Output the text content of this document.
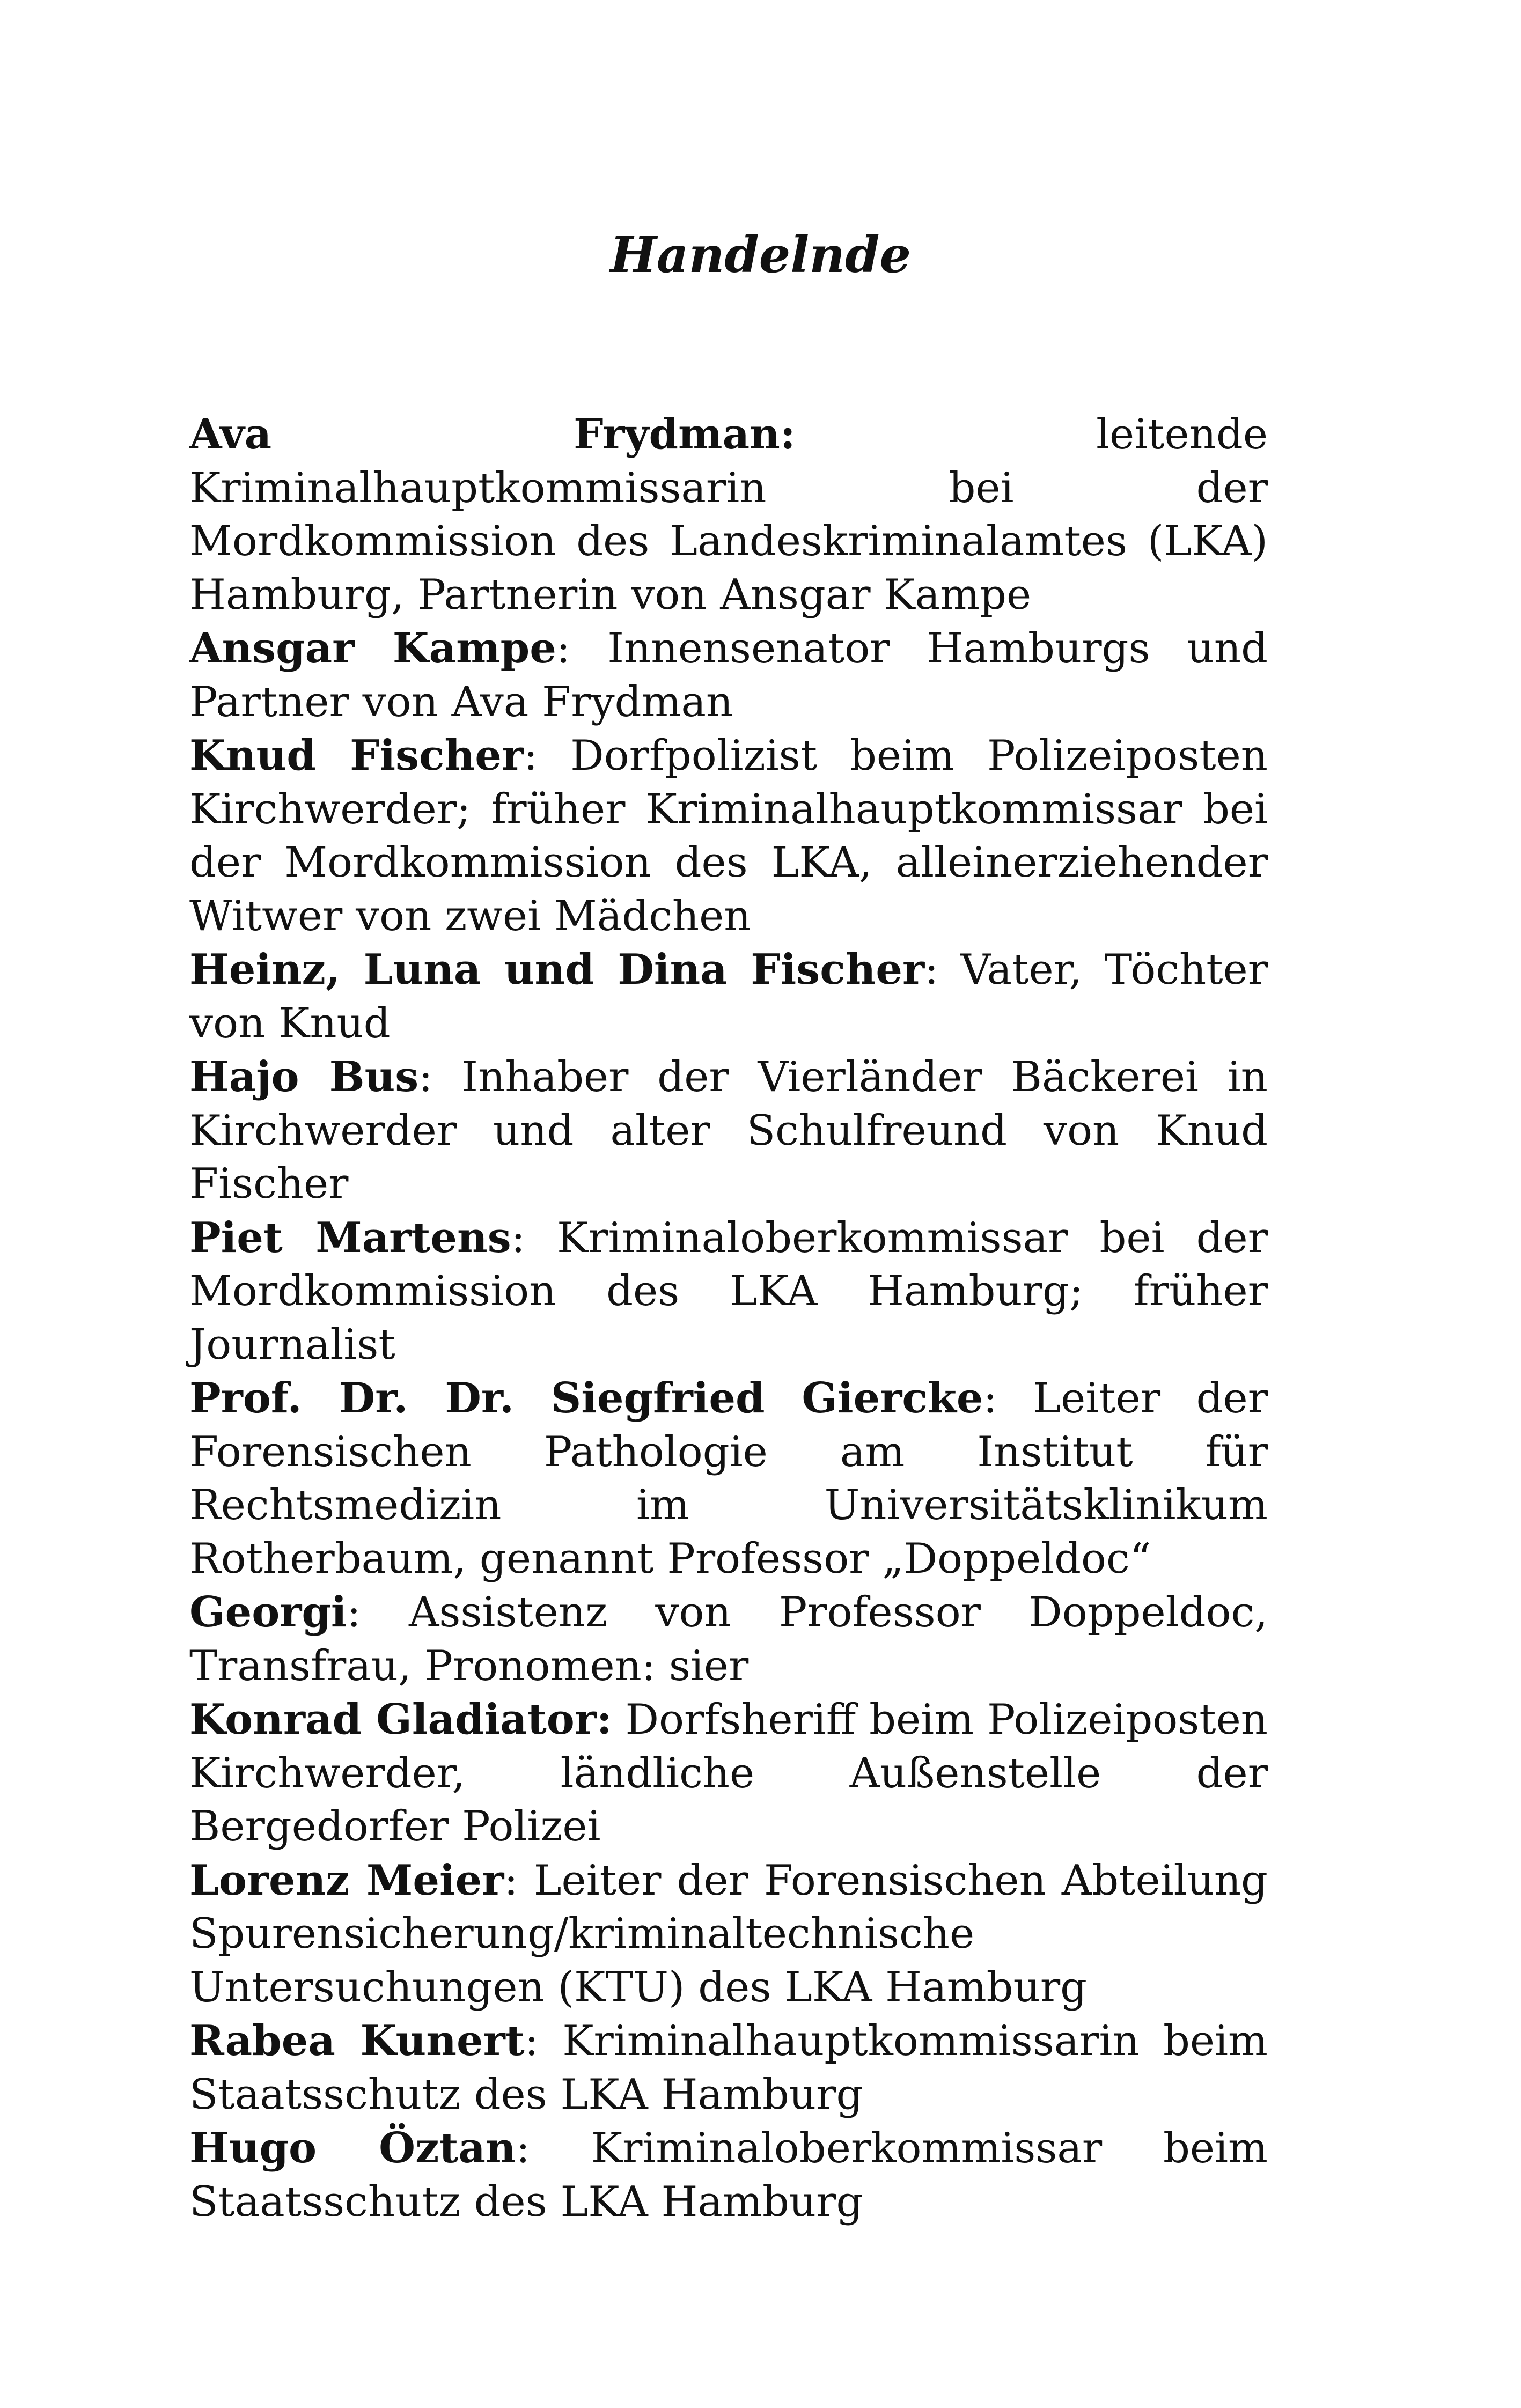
Handelnde
Ava Frydman: leitende Kriminalhauptkommissarin bei der Mordkommission des Landeskriminalamtes (LKA) Hamburg, Partnerin von Ansgar Kampe
Ansgar Kampe: Innensenator Hamburgs und Partner von Ava Frydman
Knud Fischer: Dorfpolizist beim Polizeiposten Kirchwerder; früher Kriminalhauptkommissar bei der Mordkommission des LKA, alleinerziehender Witwer von zwei Mädchen
Heinz, Luna und Dina Fischer: Vater, Töchter von Knud
Hajo Bus: Inhaber der Vierländer Bäckerei in Kirchwerder und alter Schulfreund von Knud Fischer
Piet Martens: Kriminaloberkommissar bei der Mordkommission des LKA Hamburg; früher Journalist
Prof. Dr. Dr. Siegfried Giercke: Leiter der Forensischen Pathologie am Institut für Rechtsmedizin im Universitätsklinikum Rotherbaum, genannt Professor „Doppeldoc“
Georgi: Assistenz von Professor Doppeldoc, Transfrau, Pronomen: sier
Konrad Gladiator: Dorfsheriff beim Polizeiposten Kirchwerder, ländliche Außenstelle der Bergedorfer Polizei
Lorenz Meier: Leiter der Forensischen Abteilung Spurensicherung/kriminaltechnische Untersuchungen (KTU) des LKA Hamburg
Rabea Kunert: Kriminalhauptkommissarin beim Staatsschutz des LKA Hamburg
Hugo Öztan: Kriminaloberkommissar beim Staatsschutz des LKA Hamburg
